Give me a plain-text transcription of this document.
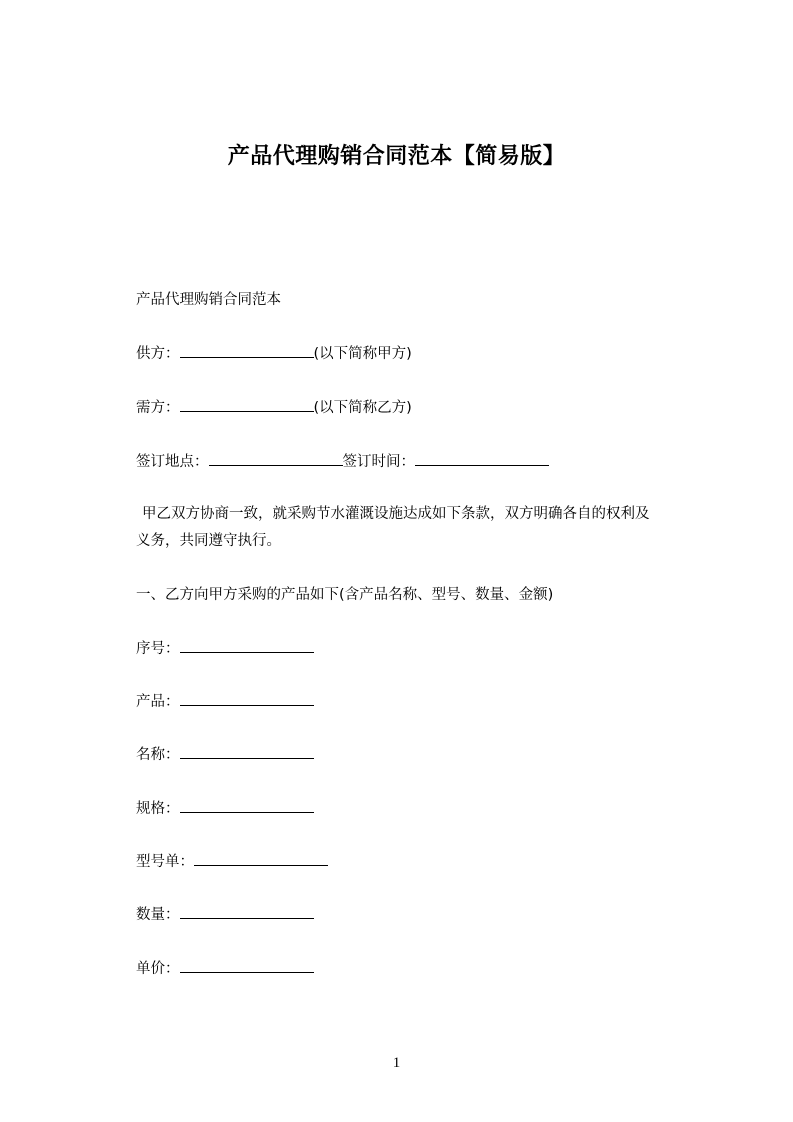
产品代理购销合同范本【简易版】
产品代理购销合同范本
供方：	(以下简称甲方)
需方：	(以下简称乙方)
签订地点：	签订时间：
甲乙双方协商一致，就采购节水灌溉设施达成如下条款，双方明确各自的权利及
义务，共同遵守执行。
一、乙方向甲方采购的产品如下(含产品名称、型号、数量、金额)
序号：
产品：
名称：
规格：
型号单：
数量：
单价：
1
